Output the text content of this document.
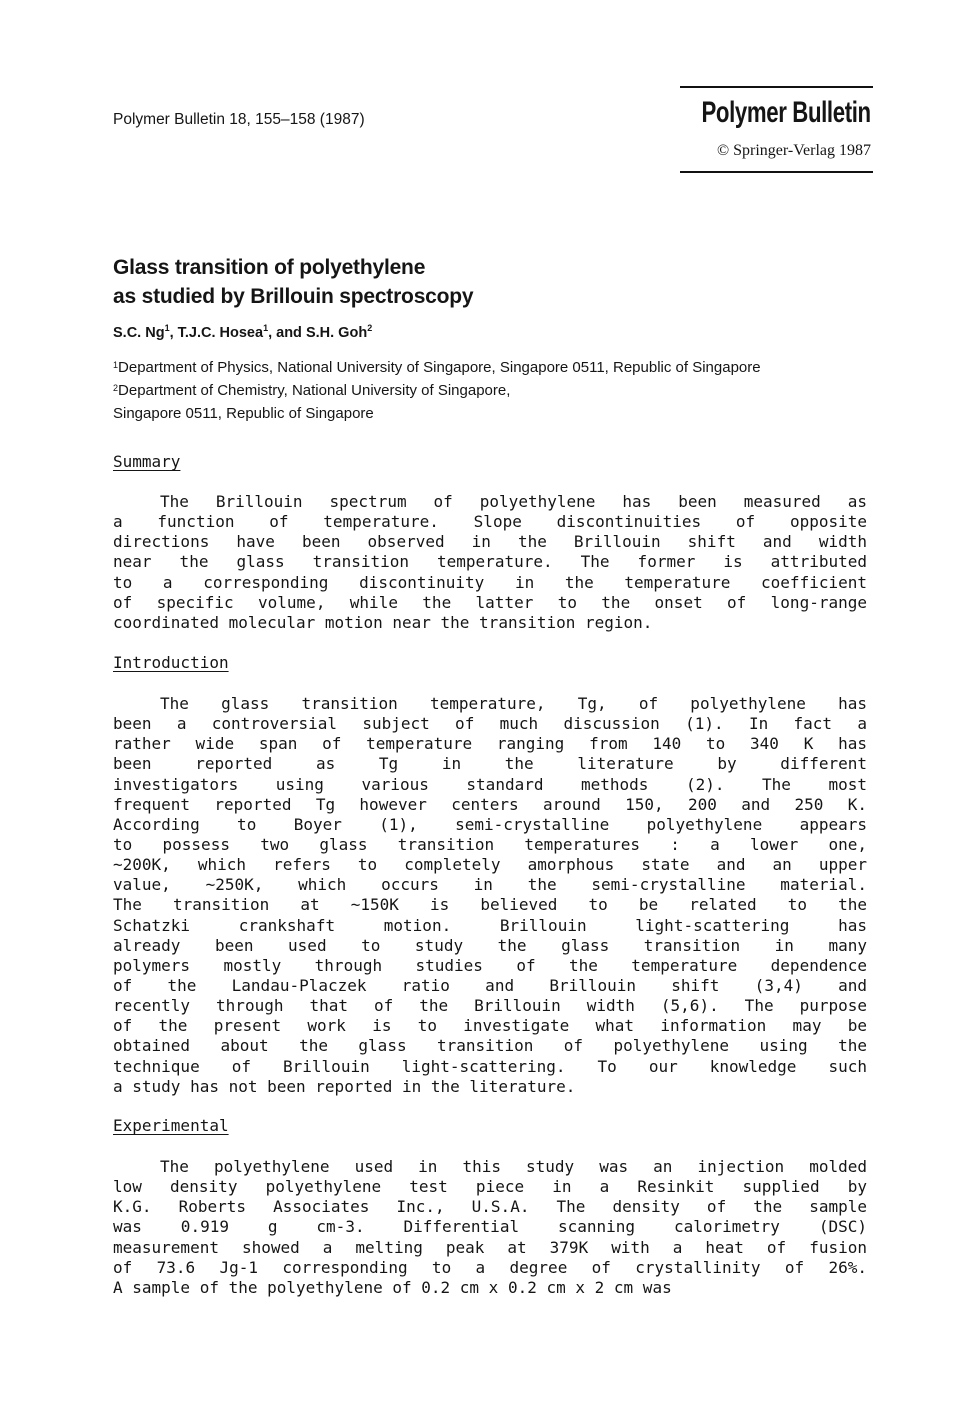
Polymer Bulletin 18, 155–158 (1987)	Polymer Bulletin
© Springer-Verlag 1987
Glass transition of polyethylene
as studied by Brillouin spectroscopy
S.C. Ng$^1$, T.J.C. Hosea$^1$, and S.H. Goh$^2$
$^1$Department of Physics, National University of Singapore, Singapore 0511, Republic of Singapore
$^2$Department of Chemistry, National University of Singapore,
Singapore 0511, Republic of Singapore
Summary
The Brillouin spectrum of polyethylene has been measured as
a function of temperature. Slope discontinuities of opposite
directions have been observed in the Brillouin shift and width
near the glass transition temperature. The former is attributed
to a corresponding discontinuity in the temperature coefficient
of specific volume, while the latter to the onset of long-range
coordinated molecular motion near the transition region.
Introduction
The glass transition temperature, Tg, of polyethylene has
been a controversial subject of much discussion (1). In fact a
rather wide span of temperature ranging from 140 to 340 K has
been reported as Tg in the literature by different
investigators using various standard methods (2). The most
frequent reported Tg however centers around 150, 200 and 250 K.
According to Boyer (1), semi-crystalline polyethylene appears
to possess two glass transition temperatures : a lower one,
~200K, which refers to completely amorphous state and an upper
value, ~250K, which occurs in the semi-crystalline material.
The transition at ~150K is believed to be related to the
Schatzki crankshaft motion. Brillouin light-scattering has
already been used to study the glass transition in many
polymers mostly through studies of the temperature dependence
of the Landau-Placzek ratio and Brillouin shift (3,4) and
recently through that of the Brillouin width (5,6). The purpose
of the present work is to investigate what information may be
obtained about the glass transition of polyethylene using the
technique of Brillouin light-scattering. To our knowledge such
a study has not been reported in the literature.
Experimental
The polyethylene used in this study was an injection molded
low density polyethylene test piece in a Resinkit supplied by
K.G. Roberts Associates Inc., U.S.A. The density of the sample
was 0.919 g cm-3. Differential scanning calorimetry (DSC)
measurement showed a melting peak at 379K with a heat of fusion
of 73.6 Jg-1 corresponding to a degree of crystallinity of 26%.
A sample of the polyethylene of 0.2 cm x 0.2 cm x 2 cm was
